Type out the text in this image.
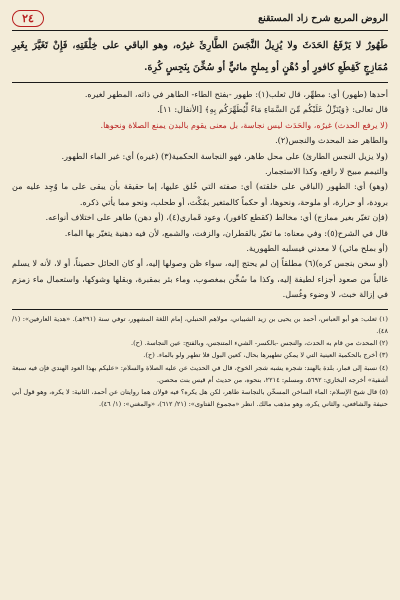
الروض المربع شرح زاد المستقنع
٢٤
طَهُورٌ لا يَرْفَعُ الحَدَثَ ولا يُزِيلُ النَّجَسَ الطَّارِئَ غيرُه، وهو الباقي على خِلْقَتِهِ، فَإِنْ تَغَيَّرَ بِغَيرِ مُمَازِجٍ كَقِطَعِ كافورٍ أو دُهْنٍ أو بِملحٍ مائيٍّ أو سُخِّنَ بِنَجِسٍ كُرِهَ.

أحدها (طهور) أي: مطهِّر، قال ثعلب(١): طهور -بفتح الطاء- الطاهر في ذاته، المطهر لغيره.

قال تعالى: ﴿وَيُنَزِّلُ عَلَيْكُم مِّنَ السَّمَاءِ مَاءً لِّيُطَهِّرَكُم بِهِ﴾ [الأنفال: ١١].

(لا يرفع الحدث) غيرُه، والحَدَث ليس نجاسة، بل معنى يقوم بالبدن يمنع الصلاة ونحوها.

والطاهر ضد المحدث والنجس(٢).

(ولا يزيل النجس الطارئ) على محل طاهر، فهو النجاسة الحكمية(٣) (غيره) أي: غير الماء الطهور.

والتيمم مبيح لا رافع، وكذا الاستجمار.

(وهو) أي: الطهور (الباقي على خلقته) أي: صفته التي خُلق عليها، إما حقيقة بأن يبقى على ما وُجِد عليه من برودة، أو حرارة، أو ملوحة، ونحوها، أو حكماً كالمتغير بمُكْث، أو طحلب، ونحو مما يأتي ذكره.

(فإن تغيّر بغير ممازج) أي: مخالط (كقطع كافور)، وعود قَماري(٤)، (أو دهن) طاهر على اختلاف أنواعه.

قال في الشرح(٥): وفي معناه: ما تغيّر بالقطران، والزفت، والشمع، لأن فيه دهنية يتغيّر بها الماء.

(أو بملح مائي) لا معدني فيسلبه الطهورية.

(أو سخن بنجس كره)(٦) مطلقاً إن لم يحتج إليه، سواء ظن وصولها إليه، أو كان الحائل حصيناً، أو لا، لأنه لا يسلم غالباً من صعود أجزاء لطيفة إليه، وكذا ما سُخِّن بمغصوب، وماء بئر بمقبرة، وبقلها وشوكها، واستعمال ماء زمزم في إزالة خبث، لا وضوء وغُسل.

(١) ثعلب: هو أبو العباس، أحمد بن يحيى بن زيد الشيباني، مولاهم الحنبلي، إمام اللغة المشهور، توفي سنة (٢٩١هـ). «هدية العارفين»: (١/ ٤٨).

(٢) المحدث من قام به الحدث، والنجس -بالكسر- الشيء المتنجس، وبالفتح: عين النجاسة. (ح).

(٣) أخرج بالحكمية العينية التي لا يمكن تطهيرها بحال، كعين البول فلا تطهر ولو بالماء. (ح).

(٤) نسبة إلى قمار، بلدة بالهند: شجره يشبه شجر الخوخ، قال في الحديث عن عليه الصلاة والسلام: «عليكم بهذا العود الهندي فإن فيه سبعة أشفية» أخرجه البخاري: ٥٦٩٢، ومسلم: ٢٢١٤، بنحوه، من حديث أم قيس بنت محصن.

(٥) قال شيخ الإسلام: الماء الساخن المسخّن بالنجاسة طاهر، لكن هل يكره؟ فيه قولان هما روايتان عن أحمد، الثانية: لا يكره، وهو قول أبي حنيفة والشافعي، والثاني يكره، وهو مذهب مالك. انظر «مجموع الفتاوى»: (٢١/ ٦١٢)، «والمغني»: (١/ ٤٦).
